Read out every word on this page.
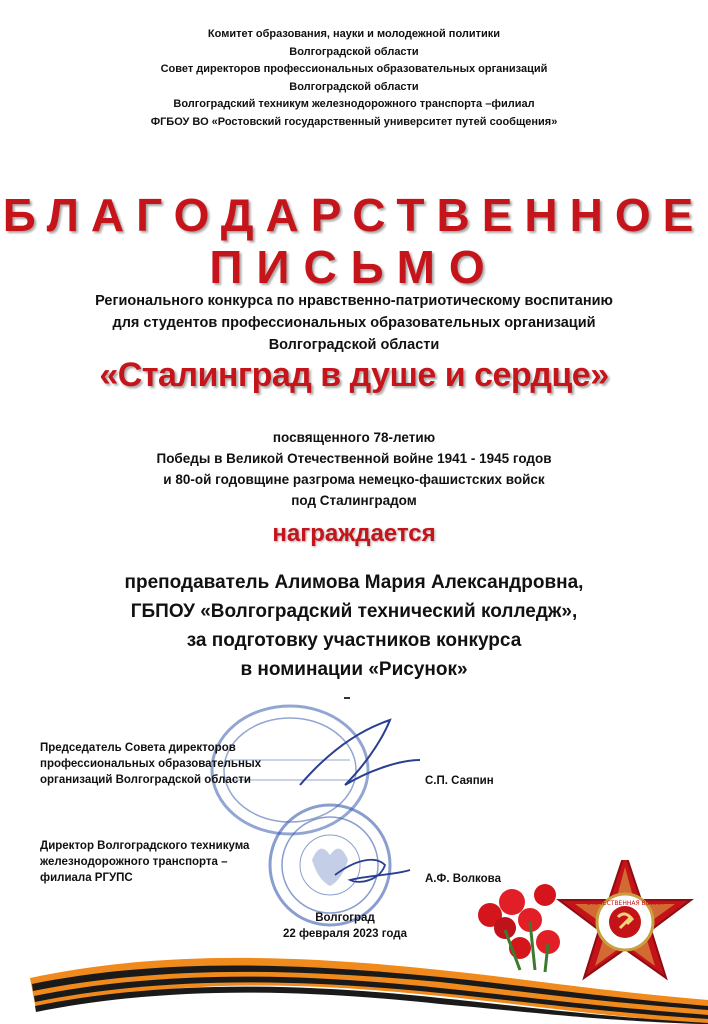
Комитет образования, науки и молодежной политики
Волгоградской области
Совет директоров профессиональных образовательных организаций
Волгоградской области
Волгоградский техникум железнодорожного транспорта –филиал
ФГБОУ ВО «Ростовский государственный университет путей сообщения»
БЛАГОДАРСТВЕННОЕ
ПИСЬМО
Регионального конкурса по нравственно-патриотическому воспитанию
для студентов профессиональных образовательных организаций
Волгоградской области
«Сталинград в душе и сердце»
посвященного 78-летию
Победы в Великой Отечественной войне 1941 - 1945 годов
и 80-ой годовщине разгрома немецко-фашистских войск
под Сталинградом
награждается
преподаватель Алимова Мария Александровна,
ГБПОУ «Волгоградский технический колледж»,
за подготовку участников конкурса
в номинации «Рисунок»
Председатель Совета директоров
профессиональных образовательных
организаций Волгоградской области	С.П. Саяпин
Директор Волгоградского техникума
железнодорожного транспорта –
филиала РГУПС	А.Ф. Волкова
Волгоград
22 февраля 2023 года
ОТЕЧЕСТВЕННАЯ ВОЙНА
